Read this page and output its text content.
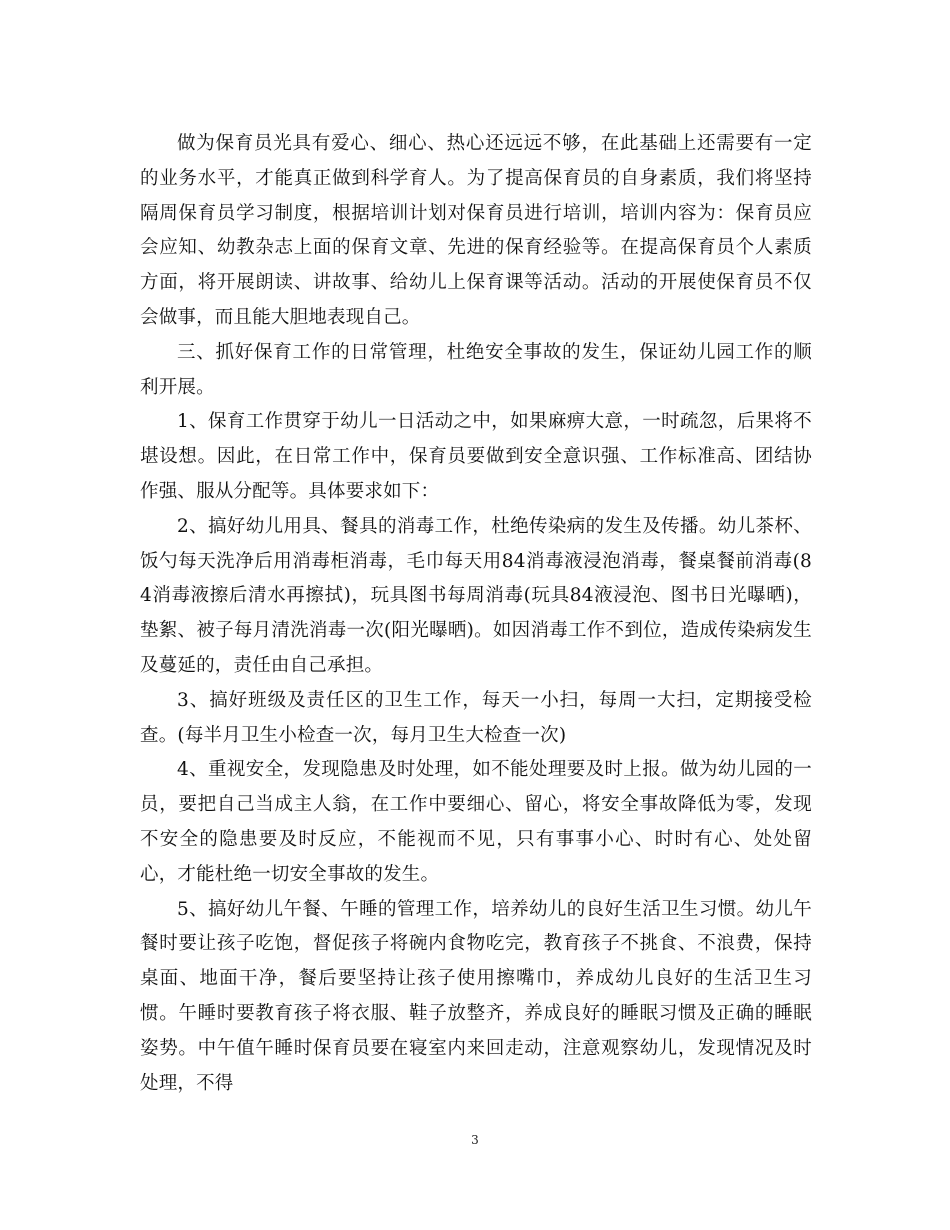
做为保育员光具有爱心、细心、热心还远远不够，在此基础上还需要有一定的业务水平，才能真正做到科学育人。为了提高保育员的自身素质，我们将坚持隔周保育员学习制度，根据培训计划对保育员进行培训，培训内容为：保育员应会应知、幼教杂志上面的保育文章、先进的保育经验等。在提高保育员个人素质方面，将开展朗读、讲故事、给幼儿上保育课等活动。活动的开展使保育员不仅会做事，而且能大胆地表现自己。

三、抓好保育工作的日常管理，杜绝安全事故的发生，保证幼儿园工作的顺利开展。

1、保育工作贯穿于幼儿一日活动之中，如果麻痹大意，一时疏忽，后果将不堪设想。因此，在日常工作中，保育员要做到安全意识强、工作标准高、团结协作强、服从分配等。具体要求如下：

2、搞好幼儿用具、餐具的消毒工作，杜绝传染病的发生及传播。幼儿茶杯、饭勺每天洗净后用消毒柜消毒，毛巾每天用84消毒液浸泡消毒，餐桌餐前消毒(84消毒液擦后清水再擦拭)，玩具图书每周消毒(玩具84液浸泡、图书日光曝晒)，垫絮、被子每月清洗消毒一次(阳光曝晒)。如因消毒工作不到位，造成传染病发生及蔓延的，责任由自己承担。

3、搞好班级及责任区的卫生工作，每天一小扫，每周一大扫，定期接受检查。(每半月卫生小检查一次，每月卫生大检查一次)

4、重视安全，发现隐患及时处理，如不能处理要及时上报。做为幼儿园的一员，要把自己当成主人翁，在工作中要细心、留心，将安全事故降低为零，发现不安全的隐患要及时反应，不能视而不见，只有事事小心、时时有心、处处留心，才能杜绝一切安全事故的发生。

5、搞好幼儿午餐、午睡的管理工作，培养幼儿的良好生活卫生习惯。幼儿午餐时要让孩子吃饱，督促孩子将碗内食物吃完，教育孩子不挑食、不浪费，保持桌面、地面干净，餐后要坚持让孩子使用擦嘴巾，养成幼儿良好的生活卫生习惯。午睡时要教育孩子将衣服、鞋子放整齐，养成良好的睡眠习惯及正确的睡眠姿势。中午值午睡时保育员要在寝室内来回走动，注意观察幼儿，发现情况及时处理，不得

3
